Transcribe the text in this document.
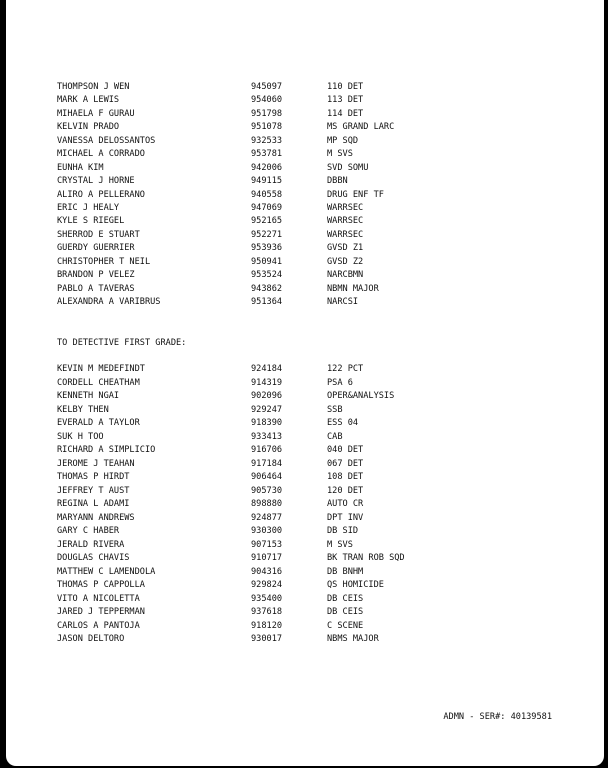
THOMPSON J WEN	945097	110 DET
MARK A LEWIS	954060	113 DET
MIHAELA F GURAU	951798	114 DET
KELVIN PRADO	951078	MS GRAND LARC
VANESSA DELOSSANTOS	932533	MP SQD
MICHAEL A CORRADO	953781	M SVS
EUNHA KIM	942006	SVD SOMU
CRYSTAL J HORNE	949115	DBBN
ALIRO A PELLERANO	940558	DRUG ENF TF
ERIC J HEALY	947069	WARRSEC
KYLE S RIEGEL	952165	WARRSEC
SHERROD E STUART	952271	WARRSEC
GUERDY GUERRIER	953936	GVSD Z1
CHRISTOPHER T NEIL	950941	GVSD Z2
BRANDON P VELEZ	953524	NARCBMN
PABLO A TAVERAS	943862	NBMN MAJOR
ALEXANDRA A VARIBRUS	951364	NARCSI
TO DETECTIVE FIRST GRADE:
KEVIN M MEDEFINDT	924184	122 PCT
CORDELL CHEATHAM	914319	PSA 6
KENNETH NGAI	902096	OPER&ANALYSIS
KELBY THEN	929247	SSB
EVERALD A TAYLOR	918390	ESS 04
SUK H TOO	933413	CAB
RICHARD A SIMPLICIO	916706	040 DET
JEROME J TEAHAN	917184	067 DET
THOMAS P HIRDT	906464	108 DET
JEFFREY T AUST	905730	120 DET
REGINA L ADAMI	898880	AUTO CR
MARYANN ANDREWS	924877	DPT INV
GARY C HABER	930300	DB SID
JERALD RIVERA	907153	M SVS
DOUGLAS CHAVIS	910717	BK TRAN ROB SQD
MATTHEW C LAMENDOLA	904316	DB BNHM
THOMAS P CAPPOLLA	929824	QS HOMICIDE
VITO A NICOLETTA	935400	DB CEIS
JARED J TEPPERMAN	937618	DB CEIS
CARLOS A PANTOJA	918120	C SCENE
JASON DELTORO	930017	NBMS MAJOR
ADMN - SER#: 40139581
